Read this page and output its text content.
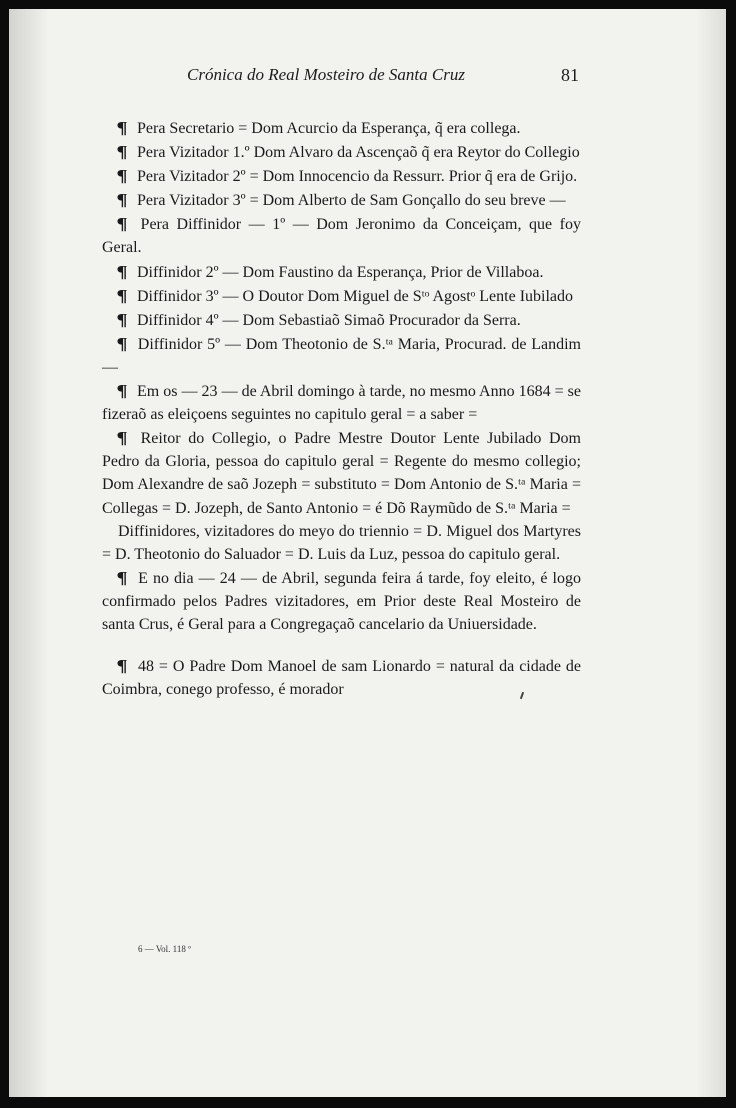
Crónica do Real Mosteiro de Santa Cruz	81

¶ Pera Secretario = Dom Acurcio da Esperança, q̃ era collega.

¶ Pera Vizitador 1.º Dom Alvaro da Ascençaõ q̃ era Reytor do Collegio

¶ Pera Vizitador 2º = Dom Innocencio da Ressurr. Prior q̃ era de Grijo.

¶ Pera Vizitador 3º = Dom Alberto de Sam Gonçallo do seu breve —

¶ Pera Diffinidor — 1º — Dom Jeronimo da Conceiçam, que foy Geral.

¶ Diffinidor 2º — Dom Faustino da Esperança, Prior de Villaboa.

¶ Diffinidor 3º — O Doutor Dom Miguel de Sᵗᵒ Agostᵒ Lente Iubilado

¶ Diffinidor 4º — Dom Sebastiaõ Simaõ Procurador da Serra.

¶ Diffinidor 5º — Dom Theotonio de S.ᵗᵃ Maria, Procurad. de Landim —

¶ Em os — 23 — de Abril domingo à tarde, no mesmo Anno 1684 = se fizeraõ as eleiçoens seguintes no capitulo geral = a saber =

¶ Reitor do Collegio, o Padre Mestre Doutor Lente Jubilado Dom Pedro da Gloria, pessoa do capitulo geral = Regente do mesmo collegio; Dom Alexandre de saõ Jozeph = substituto = Dom Antonio de S.ᵗᵃ Maria = Collegas = D. Jozeph, de Santo Antonio = é Dõ Raymũdo de S.ᵗᵃ Maria =

Diffinidores, vizitadores do meyo do triennio = D. Miguel dos Martyres = D. Theotonio do Saluador = D. Luis da Luz, pessoa do capitulo geral.

¶ E no dia — 24 — de Abril, segunda feira á tarde, foy eleito, é logo confirmado pelos Padres vizitadores, em Prior deste Real Mosteiro de santa Crus, é Geral para a Congregaçaõ cancelario da Uniuersidade.

¶ 48 = O Padre Dom Manoel de sam Lionardo = natural da cidade de Coimbra, conego professo, é morador

6 — Vol. 118 º
